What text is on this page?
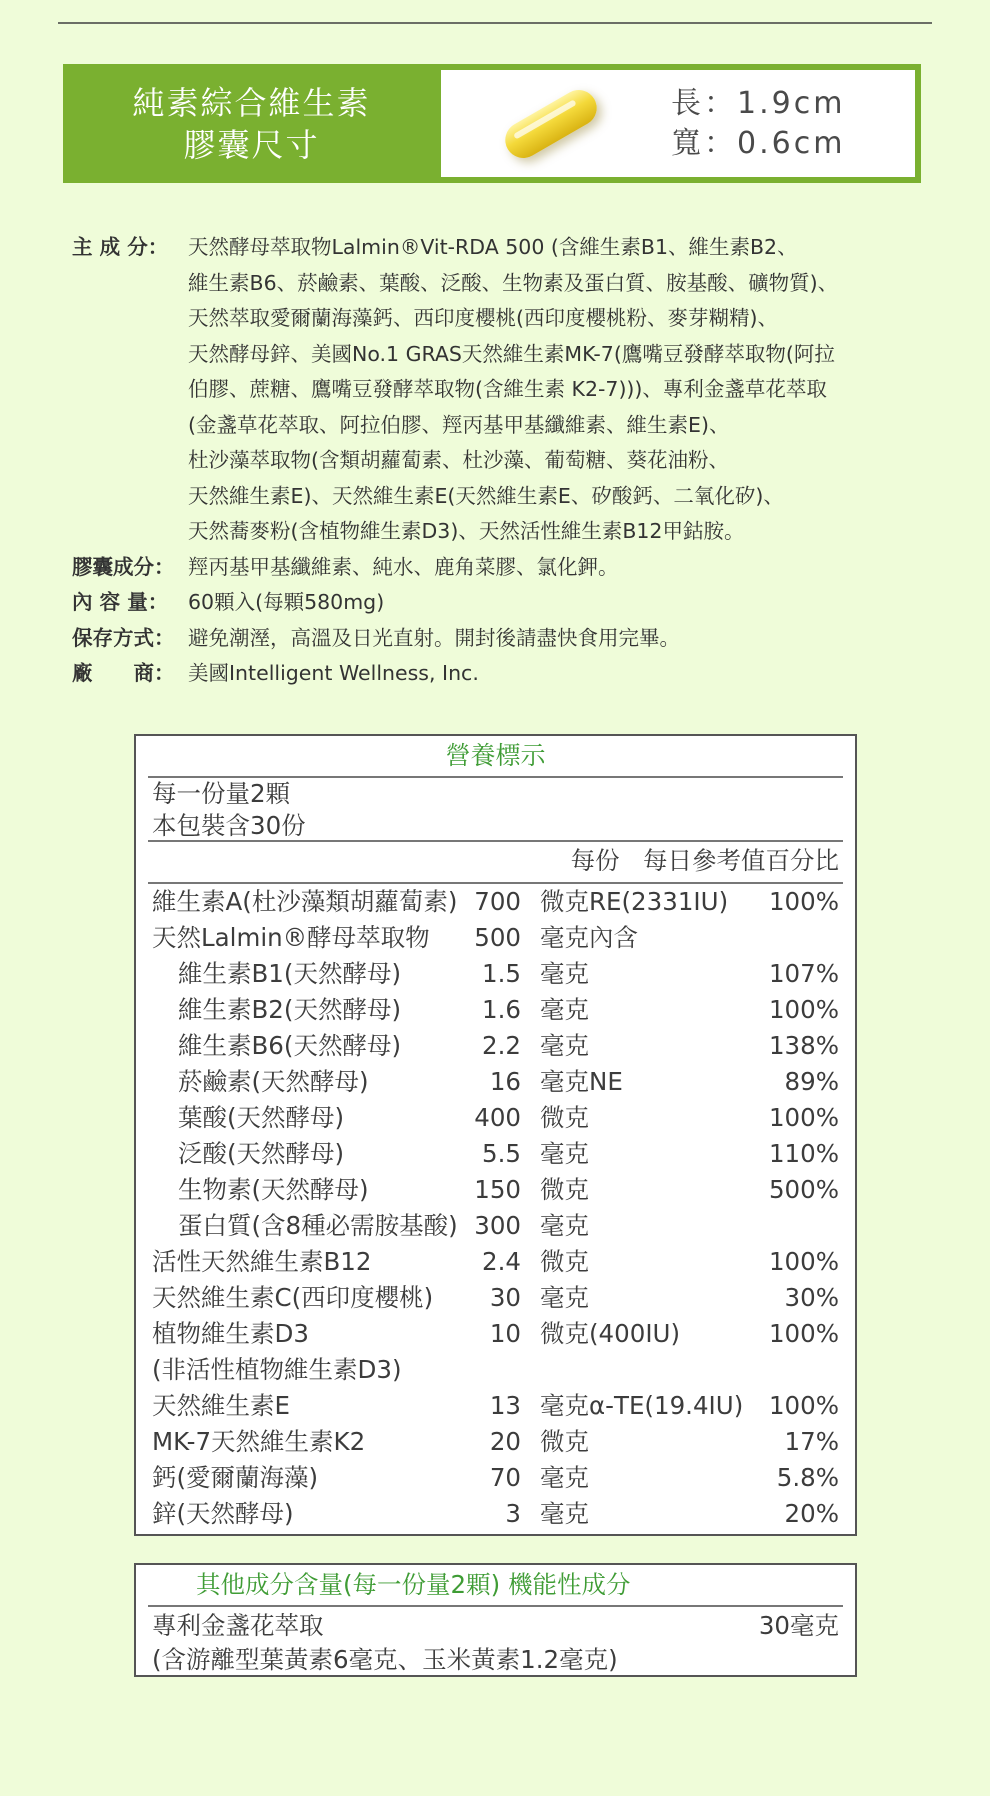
純素綜合維生素
膠囊尺寸
長：1.9cm
寬：0.6cm
主 成 分： 天然酵母萃取物Lalmin®Vit-RDA 500 (含維生素B1、維生素B2、
維生素B6、菸鹼素、葉酸、泛酸、生物素及蛋白質、胺基酸、礦物質)、
天然萃取愛爾蘭海藻鈣、西印度櫻桃(西印度櫻桃粉、麥芽糊精)、
天然酵母鋅、美國No.1 GRAS天然維生素MK-7(鷹嘴豆發酵萃取物(阿拉
伯膠、蔗糖、鷹嘴豆發酵萃取物(含維生素 K2-7)))、專利金盞草花萃取
(金盞草花萃取、阿拉伯膠、羥丙基甲基纖維素、維生素E)、
杜沙藻萃取物(含類胡蘿蔔素、杜沙藻、葡萄糖、葵花油粉、
天然維生素E)、天然維生素E(天然維生素E、矽酸鈣、二氧化矽)、
天然蕎麥粉(含植物維生素D3)、天然活性維生素B12甲鈷胺。
膠囊成分： 羥丙基甲基纖維素、純水、鹿角菜膠、氯化鉀。
內 容 量： 60顆入(每顆580mg)
保存方式： 避免潮溼，高溫及日光直射。開封後請盡快食用完畢。
廠　　商： 美國Intelligent Wellness, Inc.
營養標示
每一份量2顆
本包裝含30份
每份 每日參考值百分比
維生素A(杜沙藻類胡蘿蔔素) 700 微克RE(2331IU) 100%
天然Lalmin®酵母萃取物 500 毫克內含
維生素B1(天然酵母)	1.5 毫克	107%
維生素B2(天然酵母)	1.6 毫克	100%
維生素B6(天然酵母)	2.2 毫克	138%
菸鹼素(天然酵母)	16 毫克NE	89%
葉酸(天然酵母)	400 微克	100%
泛酸(天然酵母)	5.5 毫克	110%
生物素(天然酵母)	150 微克	500%
蛋白質(含8種必需胺基酸) 300 毫克
活性天然維生素B12	2.4 微克	100%
天然維生素C(西印度櫻桃) 30 毫克	30%
植物維生素D3	10 微克(400IU)	100%
(非活性植物維生素D3)
天然維生素E	13 毫克α-TE(19.4IU) 100%
MK-7天然維生素K2	20 微克	17%
鈣(愛爾蘭海藻)	70 毫克	5.8%
鋅(天然酵母)	3 毫克	20%
其他成分含量(每一份量2顆) 機能性成分
專利金盞花萃取
(含游離型葉黃素6毫克、玉米黃素1.2毫克)
30毫克
